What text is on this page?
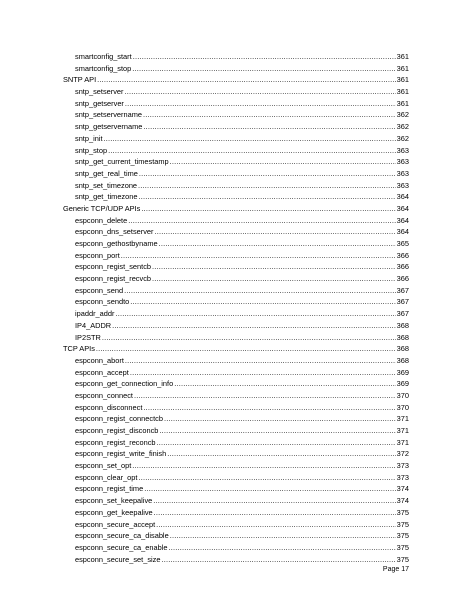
smartconfig_start .....	361
smartconfig_stop .....	361
SNTP API .....	361
sntp_setserver .....	361
sntp_getserver .....	361
sntp_setservername .....	362
sntp_getservername .....	362
sntp_init .....	362
sntp_stop .....	363
sntp_get_current_timestamp .....	363
sntp_get_real_time .....	363
sntp_set_timezone .....	363
sntp_get_timezone .....	364
Generic TCP/UDP APIs .....	364
espconn_delete .....	364
espconn_dns_setserver .....	364
espconn_gethostbyname .....	365
espconn_port .....	366
espconn_regist_sentcb .....	366
espconn_regist_recvcb .....	366
espconn_send .....	367
espconn_sendto .....	367
ipaddr_addr .....	367
IP4_ADDR .....	368
IP2STR .....	368
TCP APIs .....	368
espconn_abort .....	368
espconn_accept .....	369
espconn_get_connection_info .....	369
espconn_connect .....	370
espconn_disconnect .....	370
espconn_regist_connectcb .....	371
espconn_regist_disconcb .....	371
espconn_regist_reconcb .....	371
espconn_regist_write_finish .....	372
espconn_set_opt .....	373
espconn_clear_opt .....	373
espconn_regist_time .....	374
espconn_set_keepalive .....	374
espconn_get_keepalive .....	375
espconn_secure_accept .....	375
espconn_secure_ca_disable .....	375
espconn_secure_ca_enable .....	375
espconn_secure_set_size .....	375
Page 17
